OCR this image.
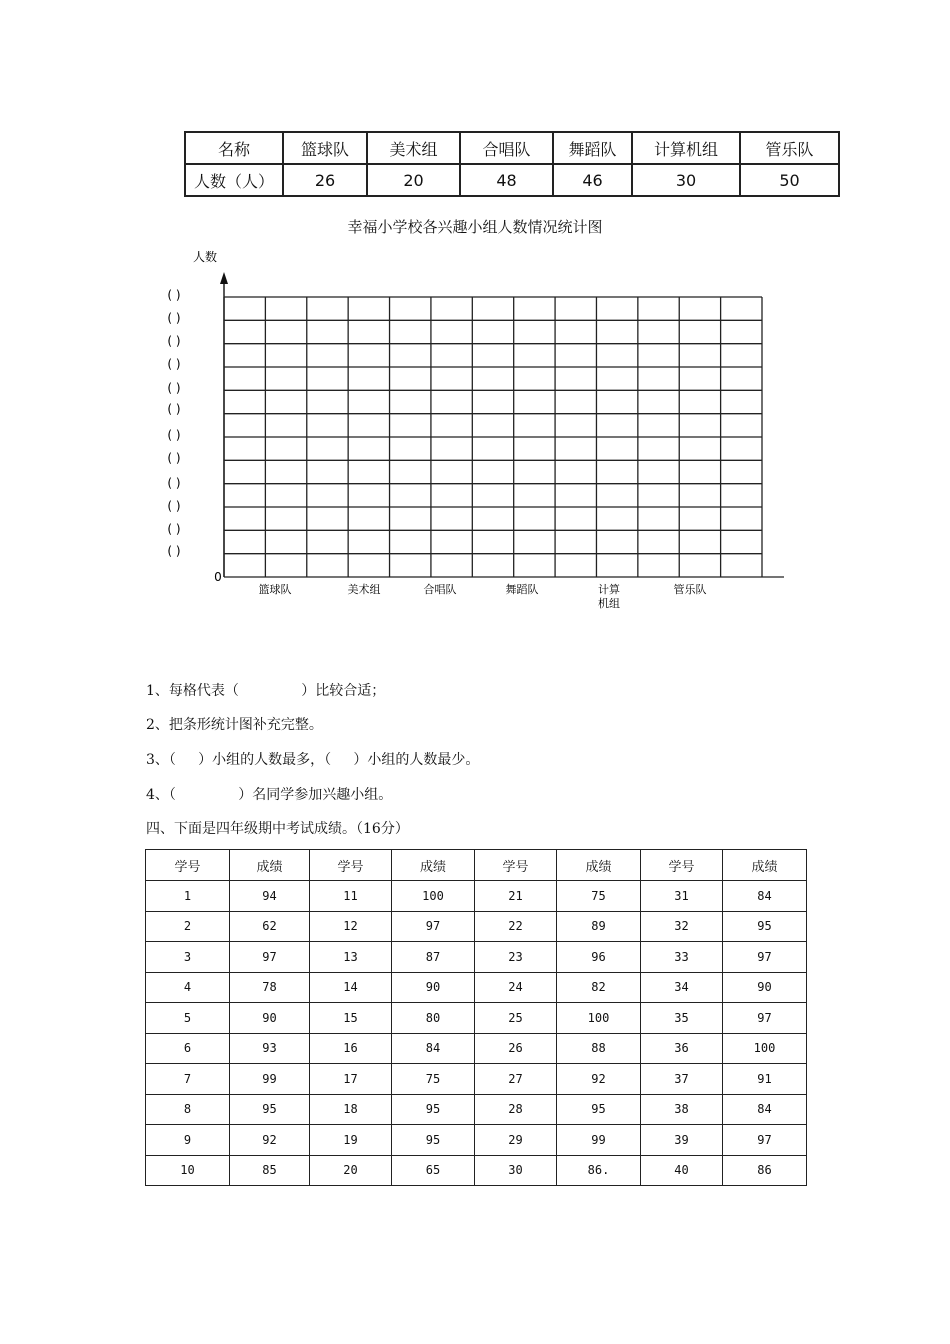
名称	篮球队	美术组	合唱队	舞蹈队	计算机组	管乐队
人数（人）	26	20	48	46	30	50
幸福小学校各兴趣小组人数情况统计图
人数
0
( )
( )
( )
( )
( )
( )
( )
( )
( )
( )
( )
( )
篮球队	美术组	合唱队	舞蹈队	计算
机组
管乐队
1、每格代表（              ）比较合适；
2、把条形统计图补充完整。
3、（     ）小组的人数最多，（     ）小组的人数最少。
4、（              ）名同学参加兴趣小组。
四、下面是四年级期中考试成绩。（16分）
学号	成绩	学号	成绩	学号	成绩	学号	成绩
1	94	11	100	21	75	31	84
2	62	12	97	22	89	32	95
3	97	13	87	23	96	33	97
4	78	14	90	24	82	34	90
5	90	15	80	25	100	35	97
6	93	16	84	26	88	36	100
7	99	17	75	27	92	37	91
8	95	18	95	28	95	38	84
9	92	19	95	29	99	39	97
10	85	20	65	30	86.	40	86
